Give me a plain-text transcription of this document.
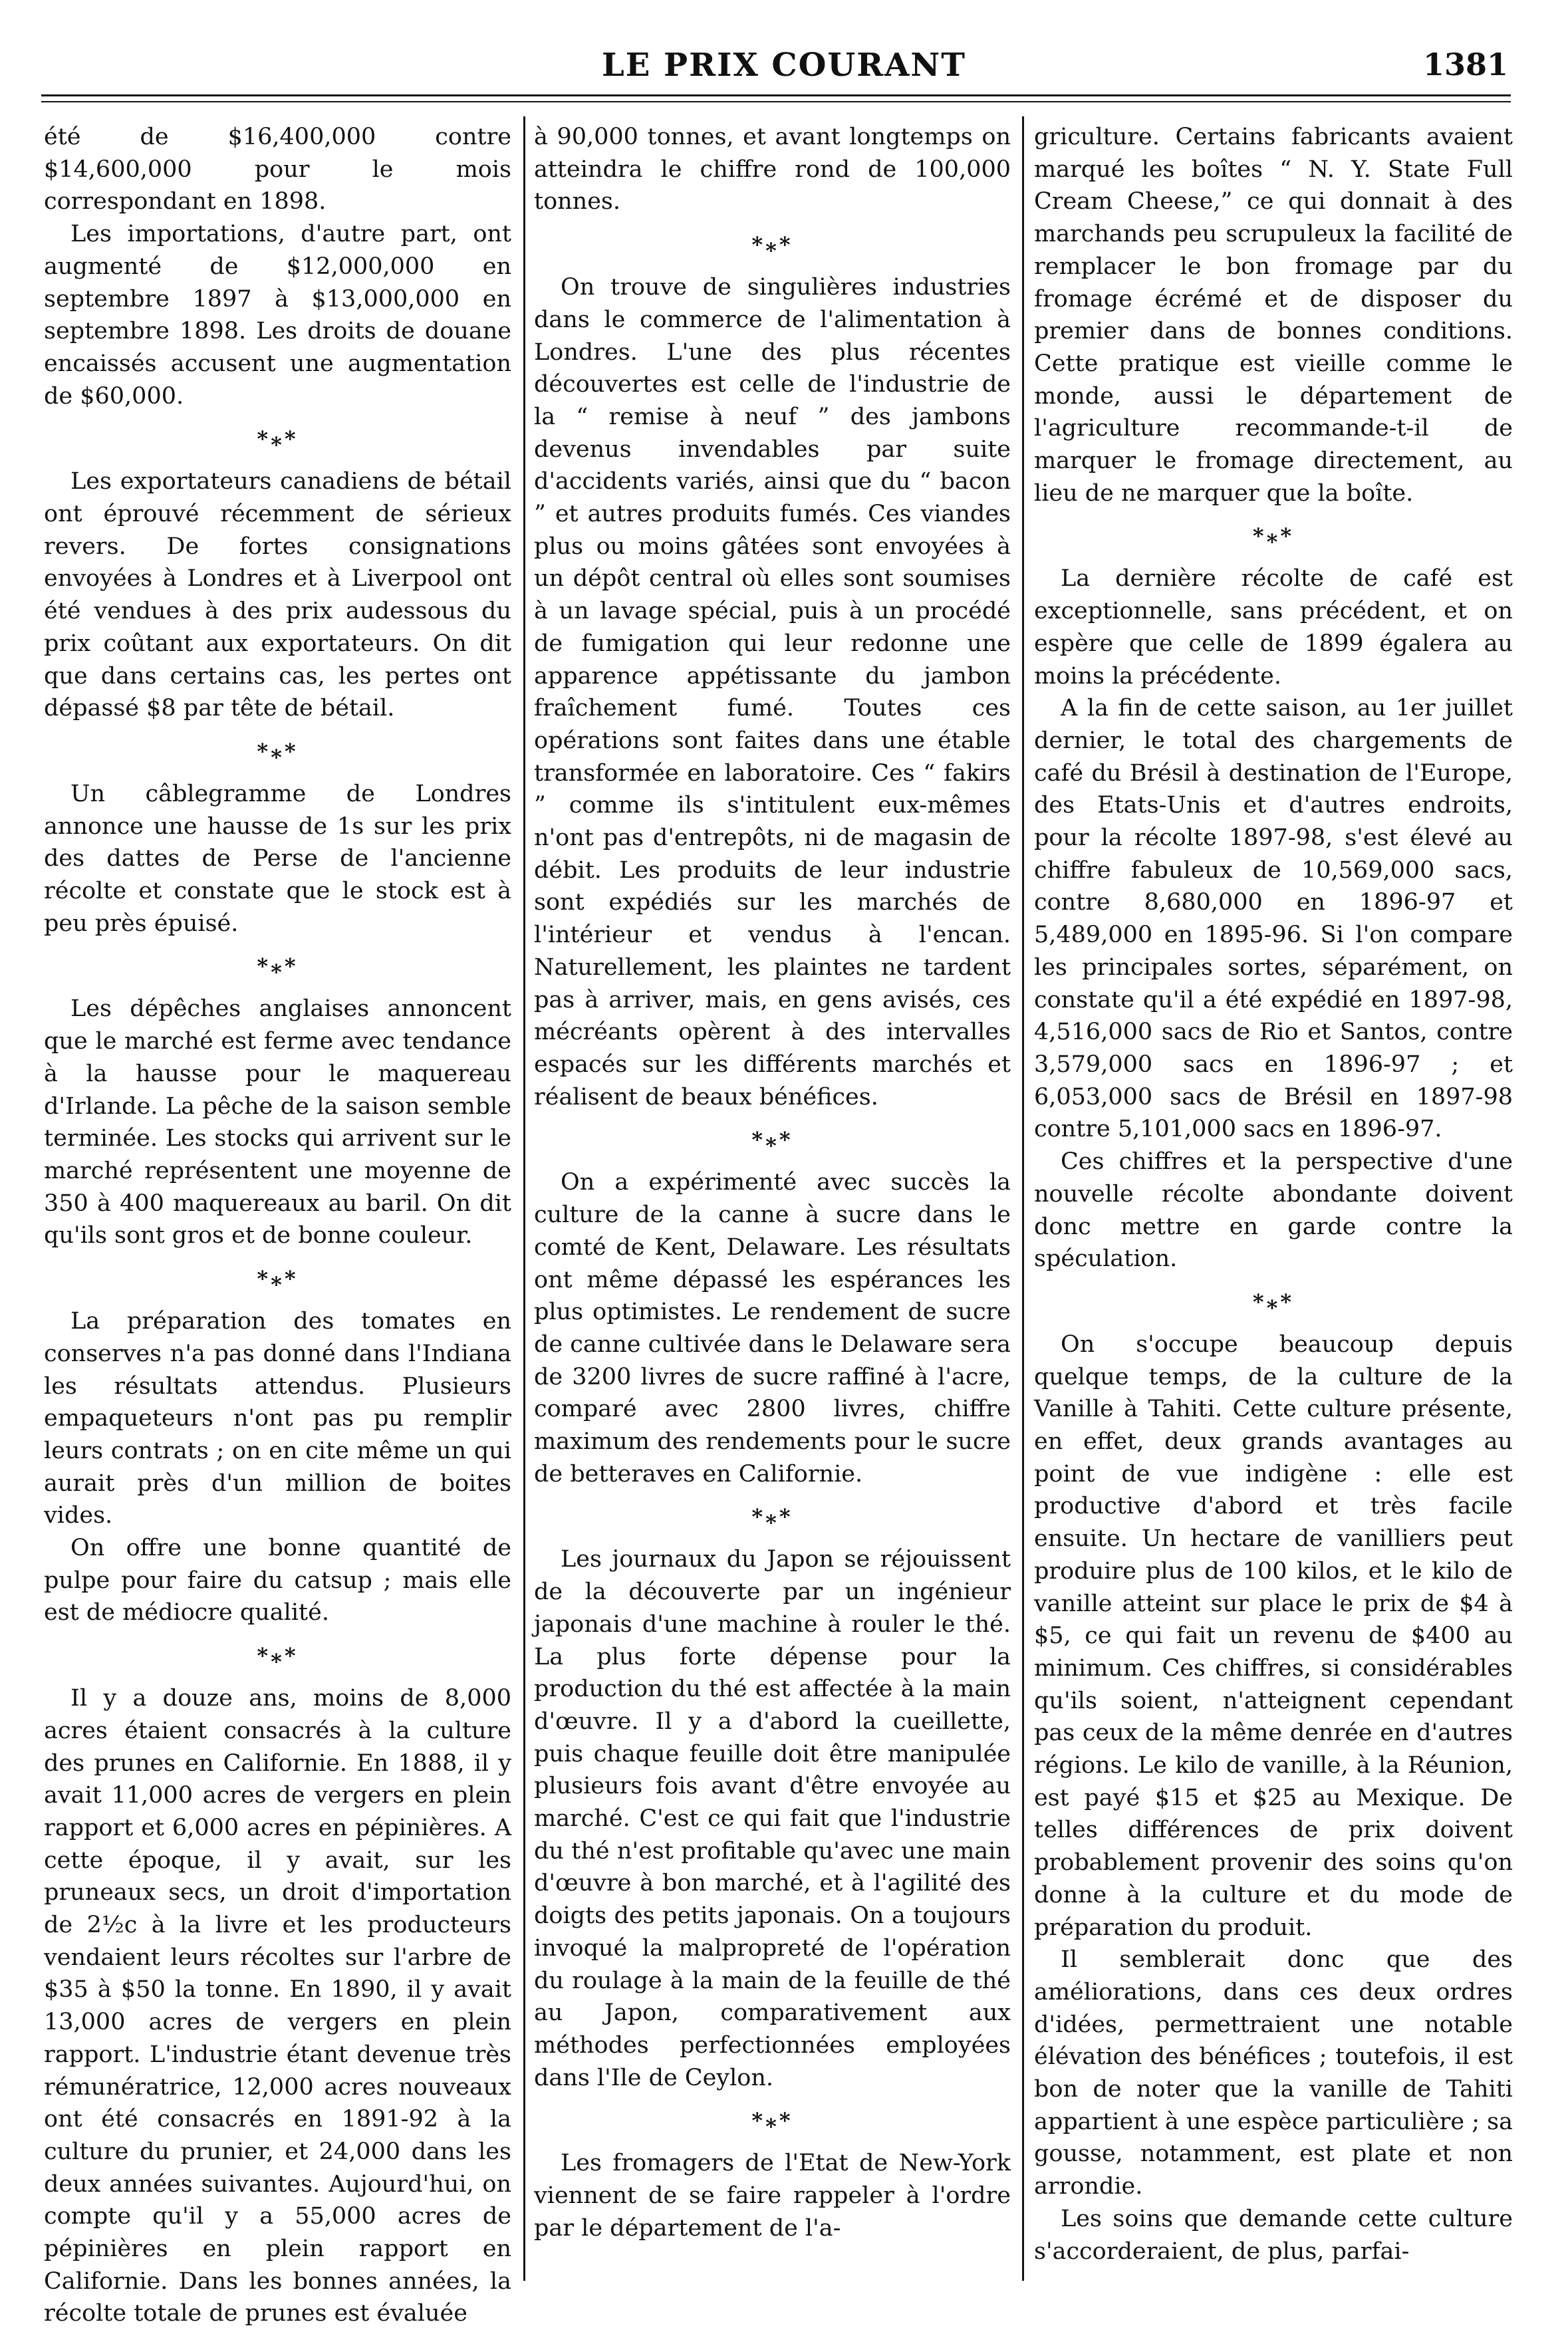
LE PRIX COURANT	1381

été de $16,400,000 contre $14,600,000 pour le mois correspondant en 1898.

Les importations, d'autre part, ont augmenté de $12,000,000 en septembre 1897 à $13,000,000 en septembre 1898. Les droits de douane encaissés accusent une augmentation de $60,000.

*⁎*

Les exportateurs canadiens de bétail ont éprouvé récemment de sérieux revers. De fortes consignations envoyées à Londres et à Liverpool ont été vendues à des prix audessous du prix coûtant aux exportateurs. On dit que dans certains cas, les pertes ont dépassé $8 par tête de bétail.

*⁎*

Un câblegramme de Londres annonce une hausse de 1s sur les prix des dattes de Perse de l'ancienne récolte et constate que le stock est à peu près épuisé.

*⁎*

Les dépêches anglaises annoncent que le marché est ferme avec tendance à la hausse pour le maquereau d'Irlande. La pêche de la saison semble terminée. Les stocks qui arrivent sur le marché représentent une moyenne de 350 à 400 maquereaux au baril. On dit qu'ils sont gros et de bonne couleur.

*⁎*

La préparation des tomates en conserves n'a pas donné dans l'Indiana les résultats attendus. Plusieurs empaqueteurs n'ont pas pu remplir leurs contrats ; on en cite même un qui aurait près d'un million de boites vides.

On offre une bonne quantité de pulpe pour faire du catsup ; mais elle est de médiocre qualité.

*⁎*

Il y a douze ans, moins de 8,000 acres étaient consacrés à la culture des prunes en Californie. En 1888, il y avait 11,000 acres de vergers en plein rapport et 6,000 acres en pépinières. A cette époque, il y avait, sur les pruneaux secs, un droit d'importation de 2½c à la livre et les producteurs vendaient leurs récoltes sur l'arbre de $35 à $50 la tonne. En 1890, il y avait 13,000 acres de vergers en plein rapport. L'industrie étant devenue très rémunératrice, 12,000 acres nouveaux ont été consacrés en 1891-92 à la culture du prunier, et 24,000 dans les deux années suivantes. Aujourd'hui, on compte qu'il y a 55,000 acres de pépinières en plein rapport en Californie. Dans les bonnes années, la récolte totale de prunes est évaluée

à 90,000 tonnes, et avant longtemps on atteindra le chiffre rond de 100,000 tonnes.

*⁎*

On trouve de singulières industries dans le commerce de l'alimentation à Londres. L'une des plus récentes découvertes est celle de l'industrie de la “ remise à neuf ” des jambons devenus invendables par suite d'accidents variés, ainsi que du “ bacon ” et autres produits fumés. Ces viandes plus ou moins gâtées sont envoyées à un dépôt central où elles sont soumises à un lavage spécial, puis à un procédé de fumigation qui leur redonne une apparence appétissante du jambon fraîchement fumé. Toutes ces opérations sont faites dans une étable transformée en laboratoire. Ces “ fakirs ” comme ils s'intitulent eux-mêmes n'ont pas d'entrepôts, ni de magasin de débit. Les produits de leur industrie sont expédiés sur les marchés de l'intérieur et vendus à l'encan. Naturellement, les plaintes ne tardent pas à arriver, mais, en gens avisés, ces mécréants opèrent à des intervalles espacés sur les différents marchés et réalisent de beaux bénéfices.

*⁎*

On a expérimenté avec succès la culture de la canne à sucre dans le comté de Kent, Delaware. Les résultats ont même dépassé les espérances les plus optimistes. Le rendement de sucre de canne cultivée dans le Delaware sera de 3200 livres de sucre raffiné à l'acre, comparé avec 2800 livres, chiffre maximum des rendements pour le sucre de betteraves en Californie.

*⁎*

Les journaux du Japon se réjouissent de la découverte par un ingénieur japonais d'une machine à rouler le thé. La plus forte dépense pour la production du thé est affectée à la main d'œuvre. Il y a d'abord la cueillette, puis chaque feuille doit être manipulée plusieurs fois avant d'être envoyée au marché. C'est ce qui fait que l'industrie du thé n'est profitable qu'avec une main d'œuvre à bon marché, et à l'agilité des doigts des petits japonais. On a toujours invoqué la malpropreté de l'opération du roulage à la main de la feuille de thé au Japon, comparativement aux méthodes perfectionnées employées dans l'Ile de Ceylon.

*⁎*

Les fromagers de l'Etat de New-York viennent de se faire rappeler à l'ordre par le département de l'a-

griculture. Certains fabricants avaient marqué les boîtes “ N. Y. State Full Cream Cheese,” ce qui donnait à des marchands peu scrupuleux la facilité de remplacer le bon fromage par du fromage écrémé et de disposer du premier dans de bonnes conditions. Cette pratique est vieille comme le monde, aussi le département de l'agriculture recommande-t-il de marquer le fromage directement, au lieu de ne marquer que la boîte.

*⁎*

La dernière récolte de café est exceptionnelle, sans précédent, et on espère que celle de 1899 égalera au moins la précédente.

A la fin de cette saison, au 1er juillet dernier, le total des chargements de café du Brésil à destination de l'Europe, des Etats-Unis et d'autres endroits, pour la récolte 1897-98, s'est élevé au chiffre fabuleux de 10,569,000 sacs, contre 8,680,000 en 1896-97 et 5,489,000 en 1895-96. Si l'on compare les principales sortes, séparément, on constate qu'il a été expédié en 1897-98, 4,516,000 sacs de Rio et Santos, contre 3,579,000 sacs en 1896-97 ; et 6,053,000 sacs de Brésil en 1897-98 contre 5,101,000 sacs en 1896-97.

Ces chiffres et la perspective d'une nouvelle récolte abondante doivent donc mettre en garde contre la spéculation.

*⁎*

On s'occupe beaucoup depuis quelque temps, de la culture de la Vanille à Tahiti. Cette culture présente, en effet, deux grands avantages au point de vue indigène : elle est productive d'abord et très facile ensuite. Un hectare de vanilliers peut produire plus de 100 kilos, et le kilo de vanille atteint sur place le prix de $4 à $5, ce qui fait un revenu de $400 au minimum. Ces chiffres, si considérables qu'ils soient, n'atteignent cependant pas ceux de la même denrée en d'autres régions. Le kilo de vanille, à la Réunion, est payé $15 et $25 au Mexique. De telles différences de prix doivent probablement provenir des soins qu'on donne à la culture et du mode de préparation du produit.

Il semblerait donc que des améliorations, dans ces deux ordres d'idées, permettraient une notable élévation des bénéfices ; toutefois, il est bon de noter que la vanille de Tahiti appartient à une espèce particulière ; sa gousse, notamment, est plate et non arrondie.

Les soins que demande cette culture s'accorderaient, de plus, parfai-
